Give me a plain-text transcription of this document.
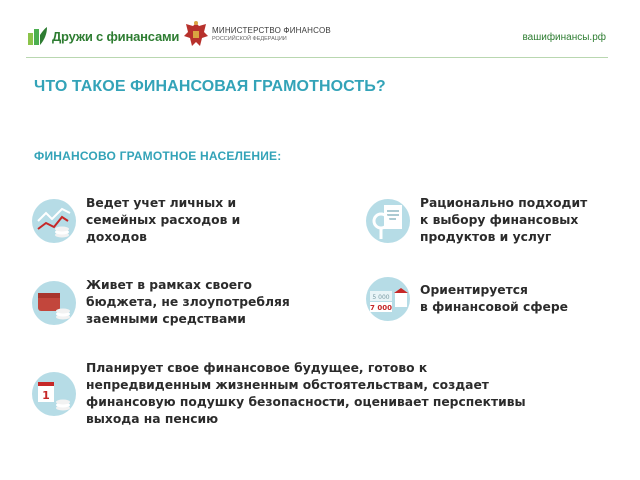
Дружи с финансами	МИНИСТЕРСТВО ФИНАНСОВ
РОССИЙСКОЙ ФЕДЕРАЦИИ	вашифинансы.рф
ЧТО ТАКОЕ ФИНАНСОВАЯ ГРАМОТНОСТЬ?
ФИНАНСОВО ГРАМОТНОЕ НАСЕЛЕНИЕ:
Ведет учет личных и
семейных расходов и
доходов
Рационально подходит
к выбору финансовых
продуктов и услуг
Живет в рамках своего
бюджета, не злоупотребляя
заемными средствами
5 000
7 000
Ориентируется
в финансовой сфере
1
Планирует свое финансовое будущее, готово к
непредвиденным жизненным обстоятельствам, создает
финансовую подушку безопасности, оценивает перспективы
выхода на пенсию
